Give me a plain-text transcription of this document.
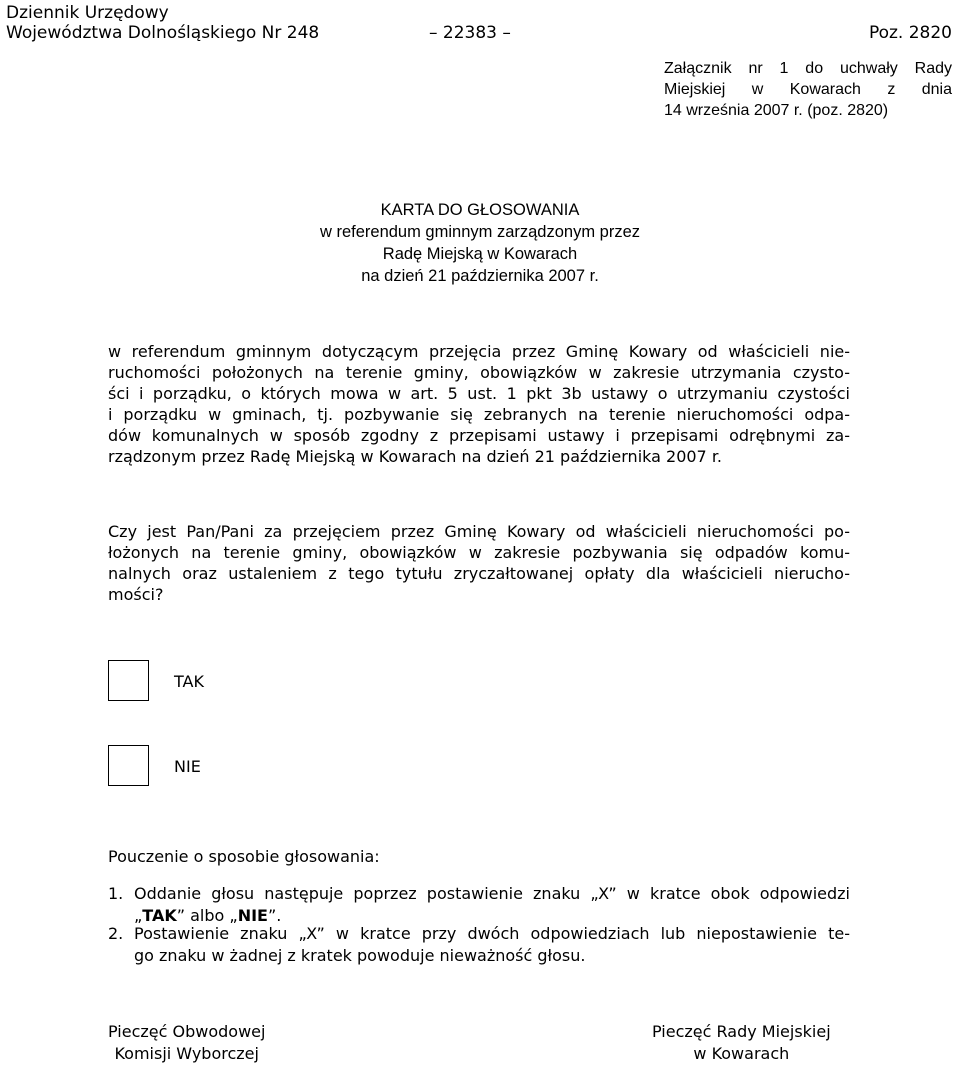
Dziennik Urzędowy
Województwa Dolnośląskiego Nr 248	– 22383 –	Poz. 2820
Załącznik nr 1 do uchwały Rady
Miejskiej w Kowarach z dnia
14 września 2007 r. (poz. 2820)
KARTA DO GŁOSOWANIA
w referendum gminnym zarządzonym przez
Radę Miejską w Kowarach
na dzień 21 października 2007 r.
w referendum gminnym dotyczącym przejęcia przez Gminę Kowary od właścicieli nie-
ruchomości położonych na terenie gminy, obowiązków w zakresie utrzymania czysto-
ści i porządku, o których mowa w art. 5 ust. 1 pkt 3b ustawy o utrzymaniu czystości
i porządku w gminach, tj. pozbywanie się zebranych na terenie nieruchomości odpa-
dów komunalnych w sposób zgodny z przepisami ustawy i przepisami odrębnymi za-
rządzonym przez Radę Miejską w Kowarach na dzień 21 października 2007 r.
Czy jest Pan/Pani za przejęciem przez Gminę Kowary od właścicieli nieruchomości po-
łożonych na terenie gminy, obowiązków w zakresie pozbywania się odpadów komu-
nalnych oraz ustaleniem z tego tytułu zryczałtowanej opłaty dla właścicieli nierucho-
mości?
TAK
NIE
Pouczenie o sposobie głosowania:
1. Oddanie głosu następuje poprzez postawienie znaku „X” w kratce obok odpowiedzi
„TAK” albo „NIE”.
2. Postawienie znaku „X” w kratce przy dwóch odpowiedziach lub niepostawienie te-
go znaku w żadnej z kratek powoduje nieważność głosu.
Pieczęć Obwodowej
Komisji Wyborczej
Pieczęć Rady Miejskiej
w Kowarach
